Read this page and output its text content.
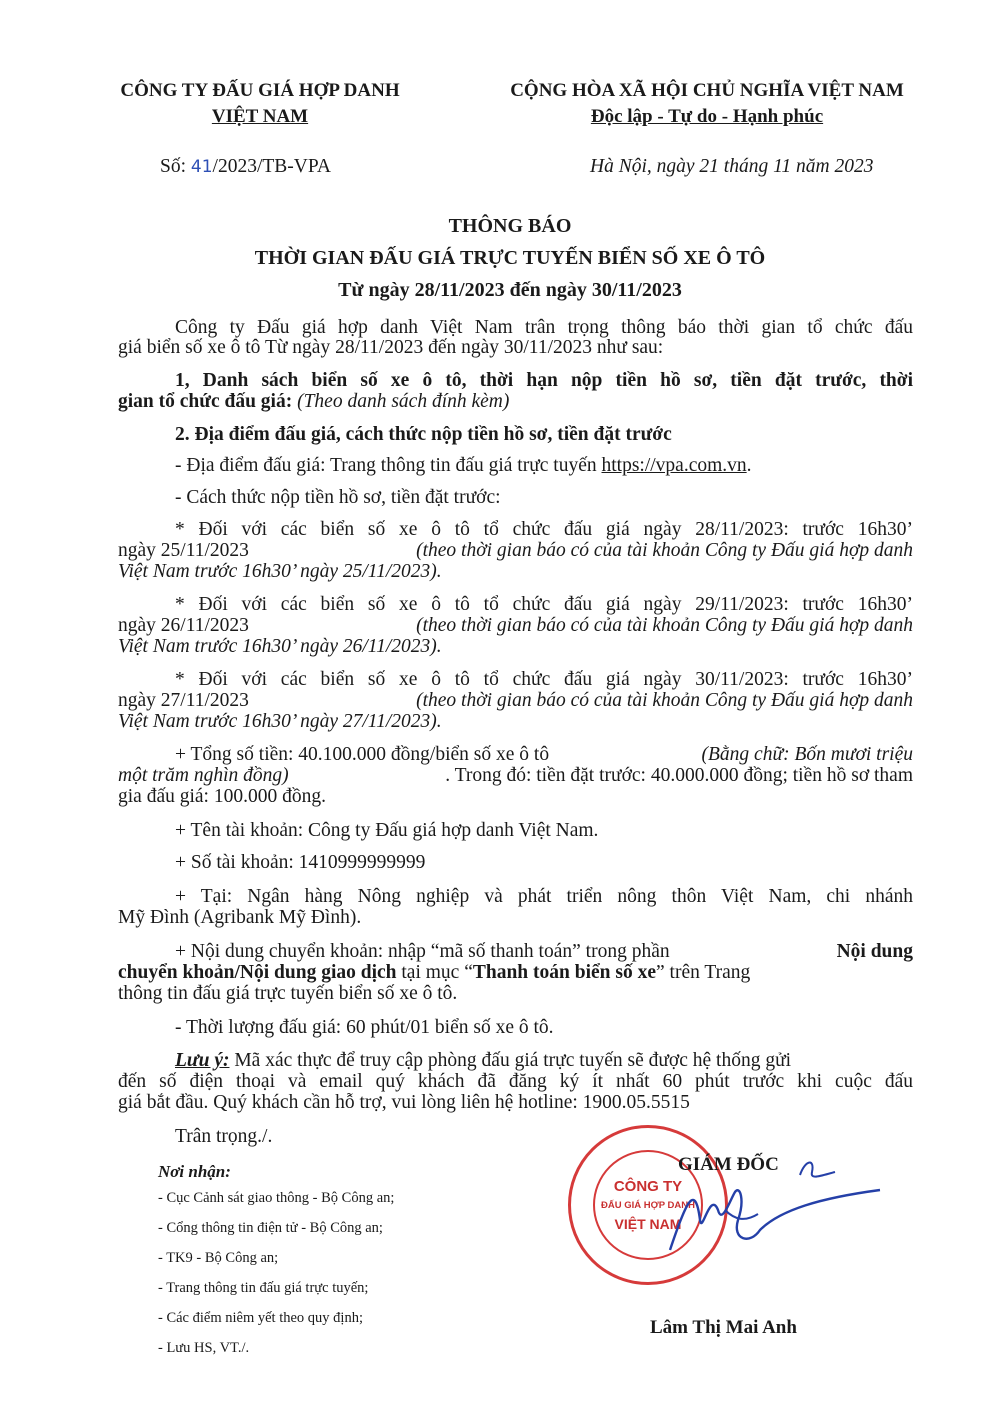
CÔNG TY ĐẤU GIÁ HỢP DANH
VIỆT NAM
CỘNG HÒA XÃ HỘI CHỦ NGHĨA VIỆT NAM
Độc lập - Tự do - Hạnh phúc
Số: 41/2023/TB-VPA	Hà Nội, ngày 21 tháng 11 năm 2023
THÔNG BÁO
THỜI GIAN ĐẤU GIÁ TRỰC TUYẾN BIỂN SỐ XE Ô TÔ
Từ ngày 28/11/2023 đến ngày 30/11/2023
Công ty Đấu giá hợp danh Việt Nam trân trọng thông báo thời gian tổ chức đấu
giá biển số xe ô tô Từ ngày 28/11/2023 đến ngày 30/11/2023 như sau:
1, Danh sách biển số xe ô tô, thời hạn nộp tiền hồ sơ, tiền đặt trước, thời
gian tổ chức đấu giá: (Theo danh sách đính kèm)
2. Địa điểm đấu giá, cách thức nộp tiền hồ sơ, tiền đặt trước
- Địa điểm đấu giá: Trang thông tin đấu giá trực tuyến https://vpa.com.vn.
- Cách thức nộp tiền hồ sơ, tiền đặt trước:
* Đối với các biển số xe ô tô tổ chức đấu giá ngày 28/11/2023: trước 16h30’
ngày 25/11/2023	(theo thời gian báo có của tài khoản Công ty Đấu giá hợp danh
Việt Nam trước 16h30’ ngày 25/11/2023).
* Đối với các biển số xe ô tô tổ chức đấu giá ngày 29/11/2023: trước 16h30’
ngày 26/11/2023	(theo thời gian báo có của tài khoản Công ty Đấu giá hợp danh
Việt Nam trước 16h30’ ngày 26/11/2023).
* Đối với các biển số xe ô tô tổ chức đấu giá ngày 30/11/2023: trước 16h30’
ngày 27/11/2023	(theo thời gian báo có của tài khoản Công ty Đấu giá hợp danh
Việt Nam trước 16h30’ ngày 27/11/2023).
+ Tổng số tiền: 40.100.000 đồng/biển số xe ô tô	(Bằng chữ: Bốn mươi triệu
một trăm nghìn đồng)	. Trong đó: tiền đặt trước: 40.000.000 đồng; tiền hồ sơ tham
gia đấu giá: 100.000 đồng.
+ Tên tài khoản: Công ty Đấu giá hợp danh Việt Nam.
+ Số tài khoản: 1410999999999
+ Tại: Ngân hàng Nông nghiệp và phát triển nông thôn Việt Nam, chi nhánh
Mỹ Đình (Agribank Mỹ Đình).
+ Nội dung chuyển khoản: nhập “mã số thanh toán” trong phần	Nội dung
chuyển khoản/Nội dung giao dịch tại mục “Thanh toán biển số xe” trên Trang
thông tin đấu giá trực tuyến biển số xe ô tô.
- Thời lượng đấu giá: 60 phút/01 biển số xe ô tô.
Lưu ý: Mã xác thực để truy cập phòng đấu giá trực tuyến sẽ được hệ thống gửi
đến số điện thoại và email quý khách đã đăng ký ít nhất 60 phút trước khi cuộc đấu
giá bắt đầu. Quý khách cần hỗ trợ, vui lòng liên hệ hotline: 1900.05.5515
Trân trọng./.
Nơi nhận:
- Cục Cảnh sát giao thông - Bộ Công an;
- Cổng thông tin điện tử - Bộ Công an;
- TK9 - Bộ Công an;
- Trang thông tin đấu giá trực tuyến;
- Các điểm niêm yết theo quy định;
- Lưu HS, VT./.
CÔNG TY
ĐẤU GIÁ HỢP DANH
VIỆT NAM
GIÁM ĐỐC
Lâm Thị Mai Anh
